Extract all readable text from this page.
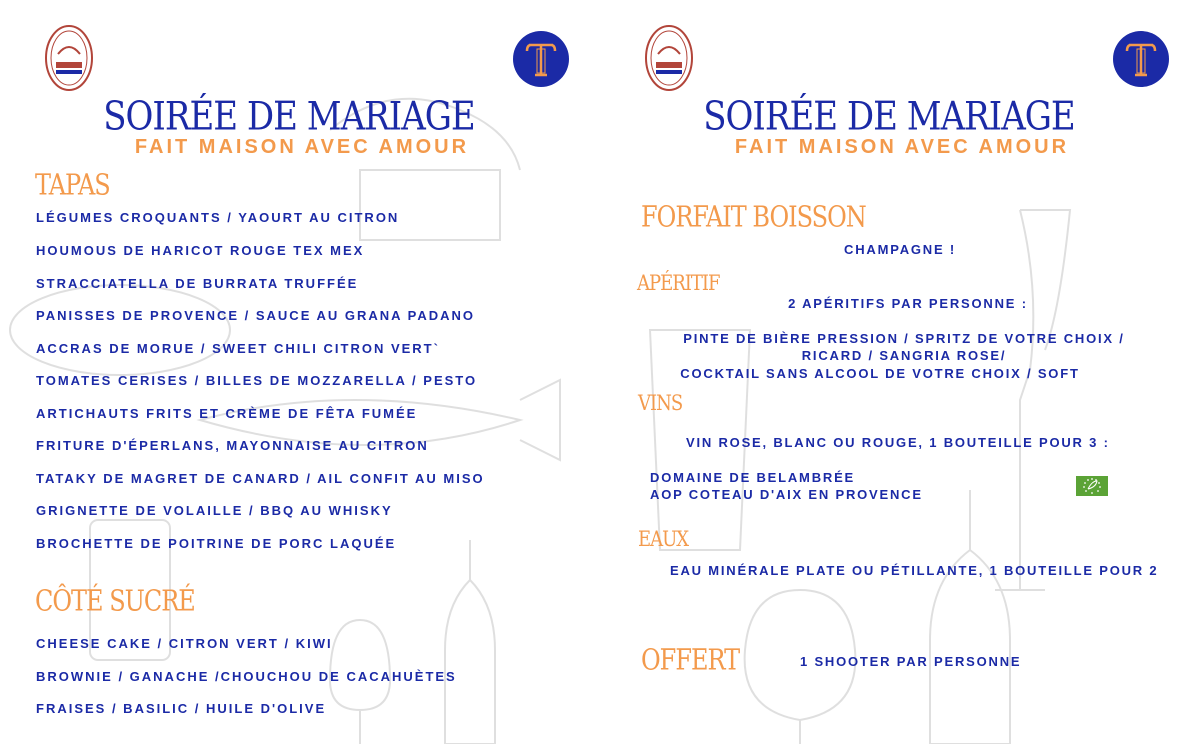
SOIRÉE DE MARIAGE
FAIT MAISON AVEC AMOUR
TAPAS
LÉGUMES CROQUANTS / YAOURT AU CITRON
HOUMOUS DE HARICOT ROUGE TEX MEX
STRACCIATELLA DE BURRATA TRUFFÉE
PANISSES DE PROVENCE / SAUCE AU GRANA PADANO
ACCRAS DE MORUE / SWEET CHILI CITRON VERT`
TOMATES CERISES / BILLES DE MOZZARELLA / PESTO
ARTICHAUTS FRITS ET CRÈME DE FÊTA FUMÉE
FRITURE D'ÉPERLANS, MAYONNAISE AU CITRON
TATAKY DE MAGRET DE CANARD / AIL CONFIT AU MISO
GRIGNETTE DE VOLAILLE / BBQ AU WHISKY
BROCHETTE DE POITRINE DE PORC LAQUÉE
CÔTÉ SUCRÉ
CHEESE CAKE / CITRON VERT / KIWI
BROWNIE / GANACHE /CHOUCHOU DE CACAHUÈTES
FRAISES / BASILIC / HUILE D'OLIVE
SOIRÉE DE MARIAGE
FAIT MAISON AVEC AMOUR
FORFAIT BOISSON
CHAMPAGNE !
APÉRITIF
2 APÉRITIFS PAR PERSONNE :
PINTE DE BIÈRE PRESSION / SPRITZ DE VOTRE CHOIX /
RICARD / SANGRIA ROSE/
COCKTAIL SANS ALCOOL DE VOTRE CHOIX / SOFT
VINS
VIN ROSE, BLANC OU ROUGE, 1 BOUTEILLE POUR 3 :
DOMAINE DE BELAMBRÉE
AOP COTEAU D'AIX EN PROVENCE
EAUX
EAU MINÉRALE PLATE OU PÉTILLANTE, 1 BOUTEILLE POUR 2
OFFERT	1 SHOOTER PAR PERSONNE
